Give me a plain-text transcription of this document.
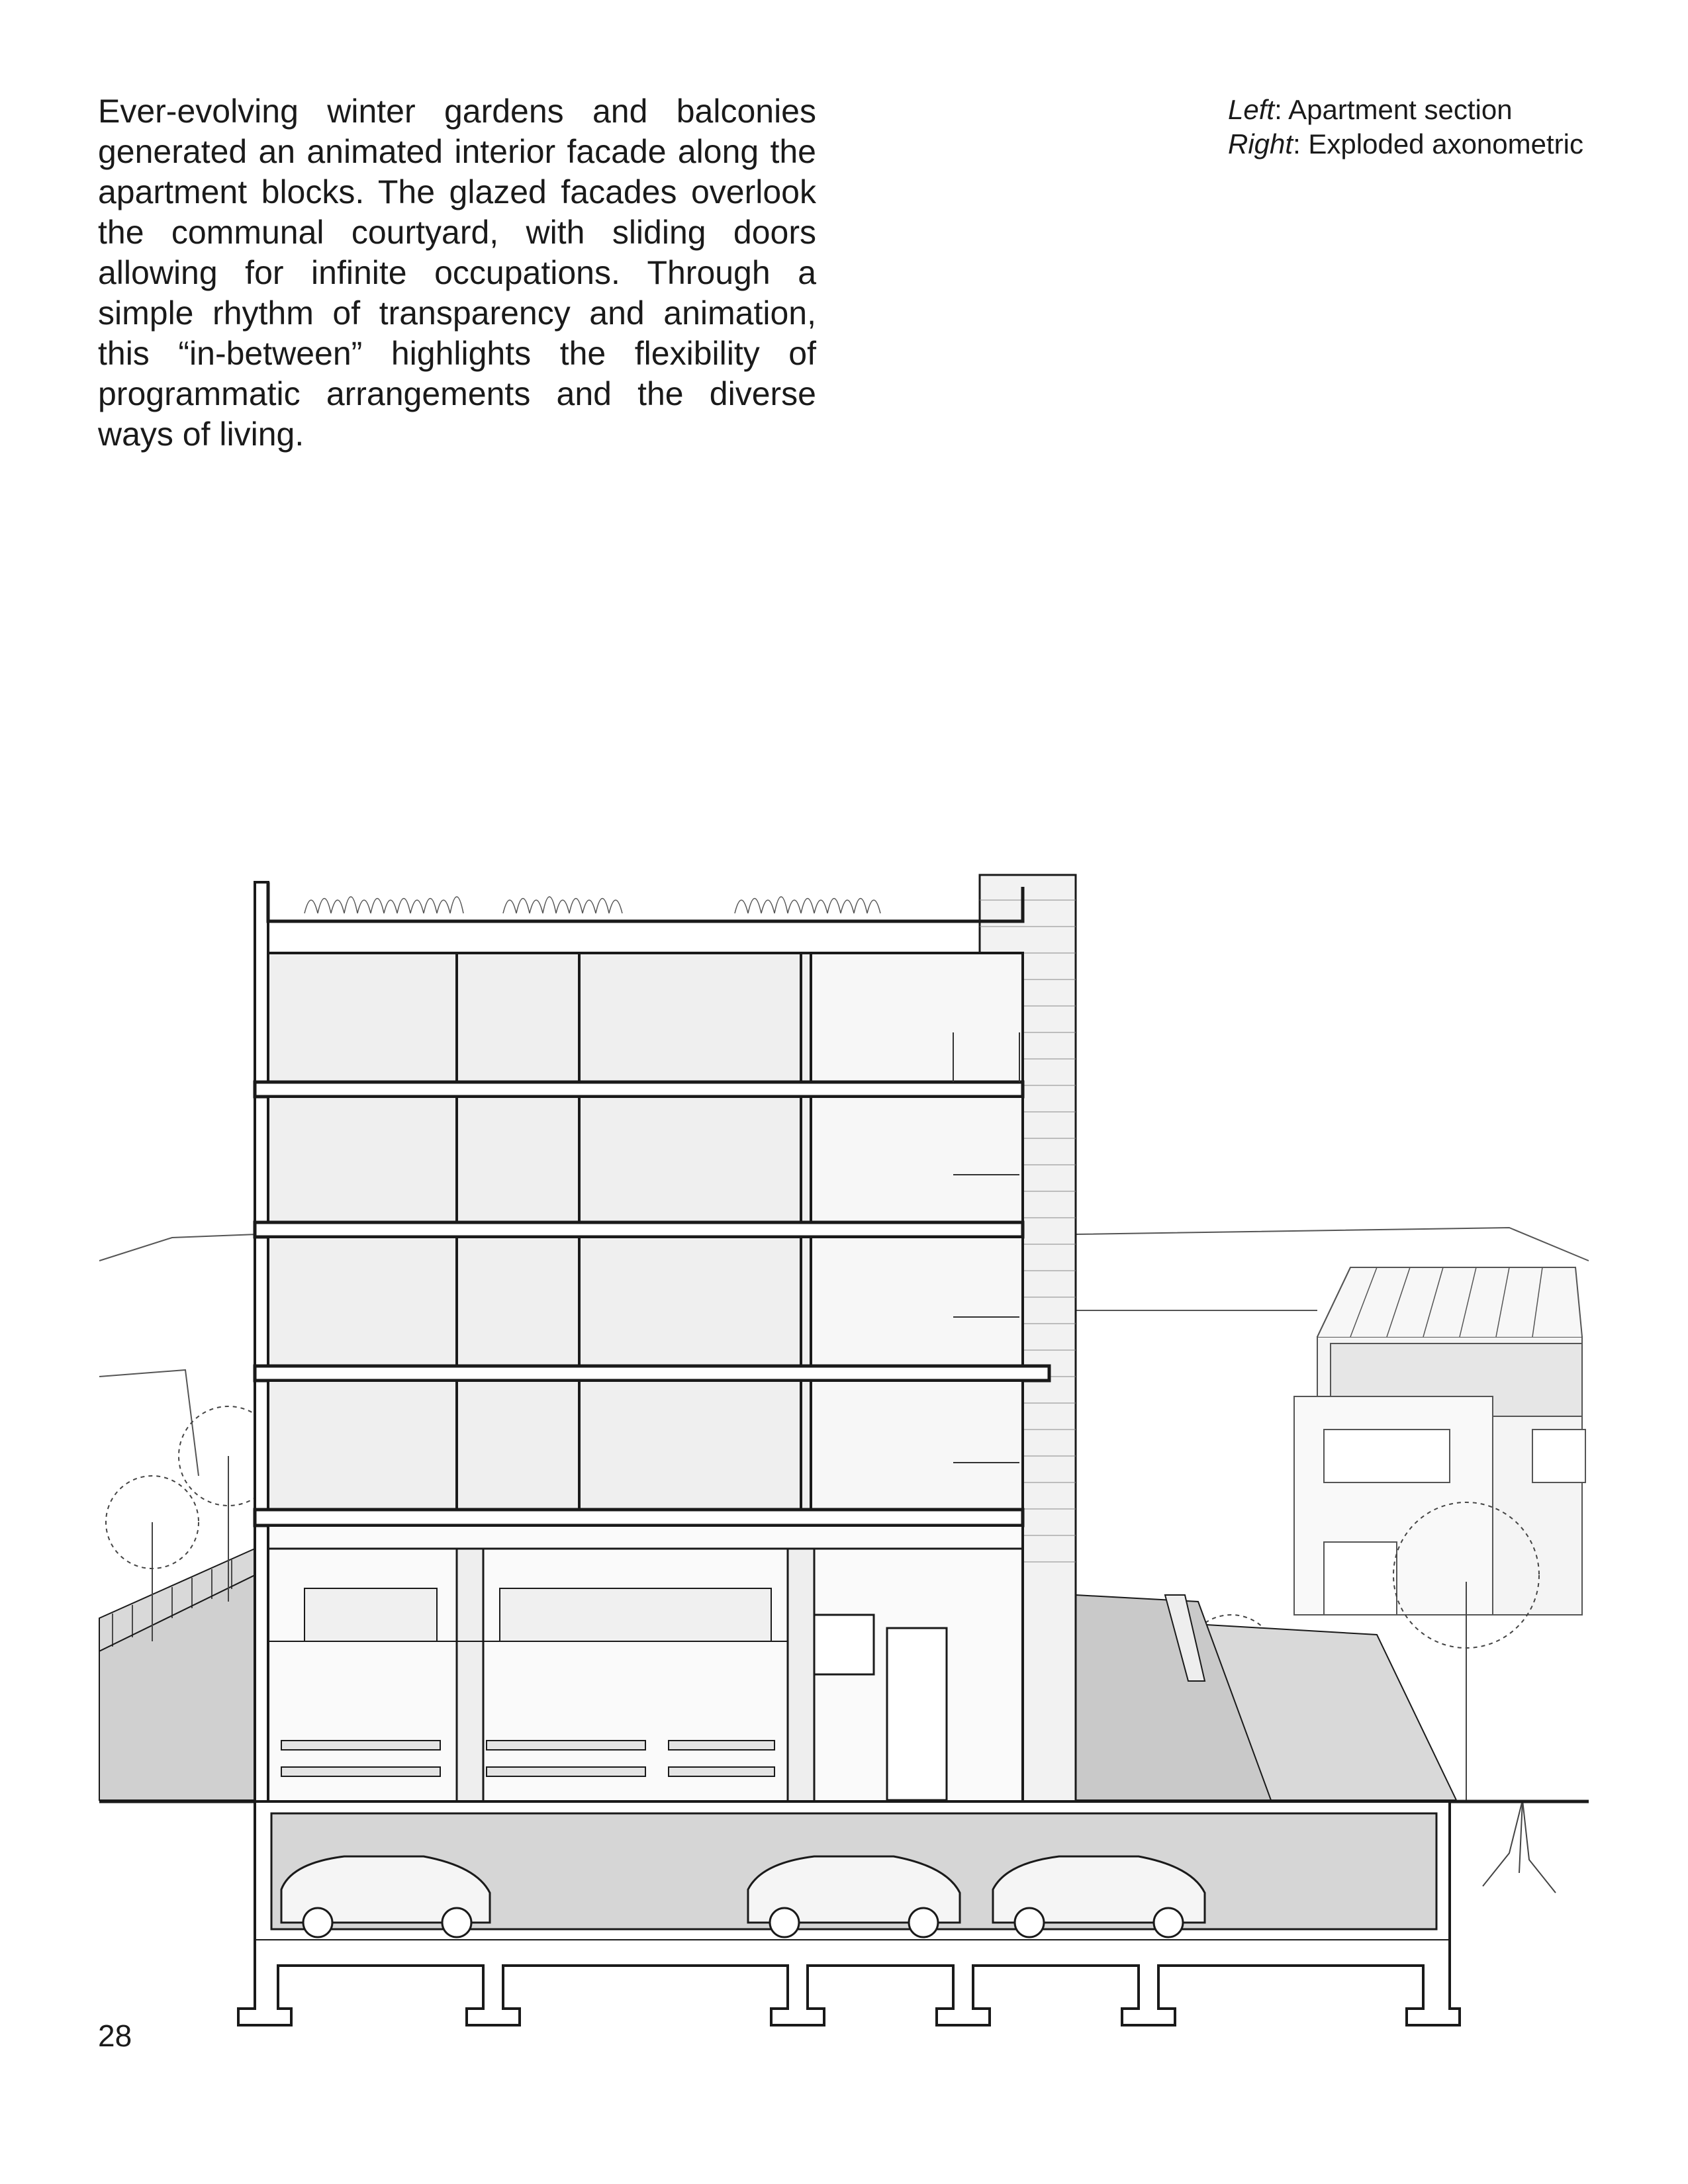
Ever-evolving winter gardens and balconies generated an animated interior facade along the apartment blocks. The glazed facades overlook the communal courtyard, with sliding doors allowing for infinite occupations. Through a simple rhythm of transparency and animation, this “in-between” highlights the flexibility of programmatic arrangements and the diverse ways of living.

Left: Apartment section
Right: Exploded axonometric

28
